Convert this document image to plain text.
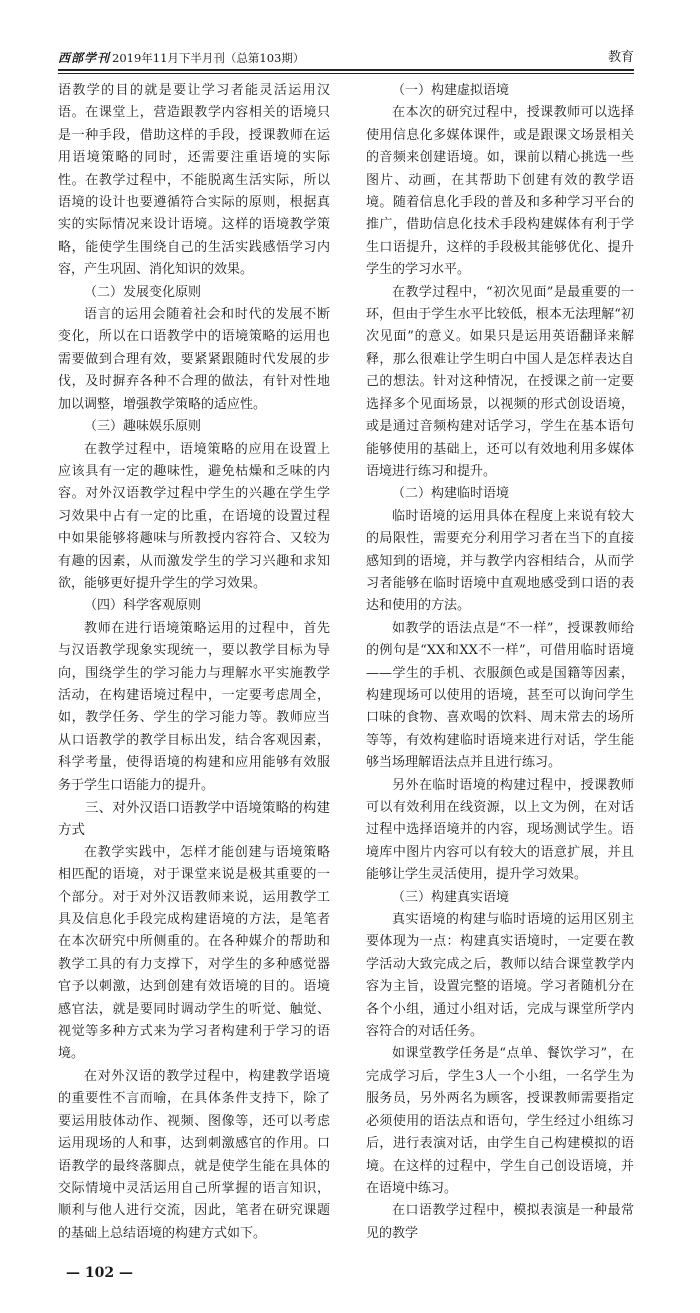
西部学刊 2019年11月下半月刊（总第103期）	教育

语教学的目的就是要让学习者能灵活运用汉语。在课堂上，营造跟教学内容相关的语境只是一种手段，借助这样的手段，授课教师在运用语境策略的同时，还需要注重语境的实际性。在教学过程中，不能脱离生活实际，所以语境的设计也要遵循符合实际的原则，根据真实的实际情况来设计语境。这样的语境教学策略，能使学生围绕自己的生活实践感悟学习内容，产生巩固、消化知识的效果。

（二）发展变化原则

语言的运用会随着社会和时代的发展不断变化，所以在口语教学中的语境策略的运用也需要做到合理有效，要紧紧跟随时代发展的步伐，及时摒弃各种不合理的做法，有针对性地加以调整，增强教学策略的适应性。

（三）趣味娱乐原则

在教学过程中，语境策略的应用在设置上应该具有一定的趣味性，避免枯燥和乏味的内容。对外汉语教学过程中学生的兴趣在学生学习效果中占有一定的比重，在语境的设置过程中如果能够将趣味与所教授内容符合、又较为有趣的因素，从而激发学生的学习兴趣和求知欲，能够更好提升学生的学习效果。

（四）科学客观原则

教师在进行语境策略运用的过程中，首先与汉语教学现象实现统一，要以教学目标为导向，围绕学生的学习能力与理解水平实施教学活动，在构建语境过程中，一定要考虑周全，如，教学任务、学生的学习能力等。教师应当从口语教学的教学目标出发，结合客观因素，科学考量，使得语境的构建和应用能够有效服务于学生口语能力的提升。

三、对外汉语口语教学中语境策略的构建方式

在教学实践中，怎样才能创建与语境策略相匹配的语境，对于课堂来说是极其重要的一个部分。对于对外汉语教师来说，运用教学工具及信息化手段完成构建语境的方法，是笔者在本次研究中所侧重的。在各种媒介的帮助和教学工具的有力支撑下，对学生的多种感觉器官予以刺激，达到创建有效语境的目的。语境感官法，就是要同时调动学生的听觉、触觉、视觉等多种方式来为学习者构建利于学习的语境。

在对外汉语的教学过程中，构建教学语境的重要性不言而喻，在具体条件支持下，除了要运用肢体动作、视频、图像等，还可以考虑运用现场的人和事，达到刺激感官的作用。口语教学的最终落脚点，就是使学生能在具体的交际情境中灵活运用自己所掌握的语言知识，顺利与他人进行交流，因此，笔者在研究课题的基础上总结语境的构建方式如下。

（一）构建虚拟语境

在本次的研究过程中，授课教师可以选择使用信息化多媒体课件，或是跟课文场景相关的音频来创建语境。如，课前以精心挑选一些图片、动画，在其帮助下创建有效的教学语境。随着信息化手段的普及和多种学习平台的推广，借助信息化技术手段构建媒体有利于学生口语提升，这样的手段极其能够优化、提升学生的学习水平。

在教学过程中，“初次见面”是最重要的一环，但由于学生水平比较低，根本无法理解“初次见面”的意义。如果只是运用英语翻译来解释，那么很难让学生明白中国人是怎样表达自己的想法。针对这种情况，在授课之前一定要选择多个见面场景，以视频的形式创设语境，或是通过音频构建对话学习，学生在基本语句能够使用的基础上，还可以有效地利用多媒体语境进行练习和提升。

（二）构建临时语境

临时语境的运用具体在程度上来说有较大的局限性，需要充分利用学习者在当下的直接感知到的语境，并与教学内容相结合，从而学习者能够在临时语境中直观地感受到口语的表达和使用的方法。

如教学的语法点是“不一样”，授课教师给的例句是“XX和XX不一样”，可借用临时语境——学生的手机、衣服颜色或是国籍等因素，构建现场可以使用的语境，甚至可以询问学生口味的食物、喜欢喝的饮料、周末常去的场所等等，有效构建临时语境来进行对话，学生能够当场理解语法点并且进行练习。

另外在临时语境的构建过程中，授课教师可以有效利用在线资源，以上文为例，在对话过程中选择语境并的内容，现场测试学生。语境库中图片内容可以有较大的语意扩展，并且能够让学生灵活使用，提升学习效果。

（三）构建真实语境

真实语境的构建与临时语境的运用区别主要体现为一点：构建真实语境时，一定要在教学活动大致完成之后，教师以结合课堂教学内容为主旨，设置完整的语境。学习者随机分在各个小组，通过小组对话，完成与课堂所学内容符合的对话任务。

如课堂教学任务是“点单、餐饮学习”，在完成学习后，学生3人一个小组，一名学生为服务员，另外两名为顾客，授课教师需要指定必须使用的语法点和语句，学生经过小组练习后，进行表演对话，由学生自己构建模拟的语境。在这样的过程中，学生自己创设语境，并在语境中练习。

在口语教学过程中，模拟表演是一种最常见的教学

— 102 —
